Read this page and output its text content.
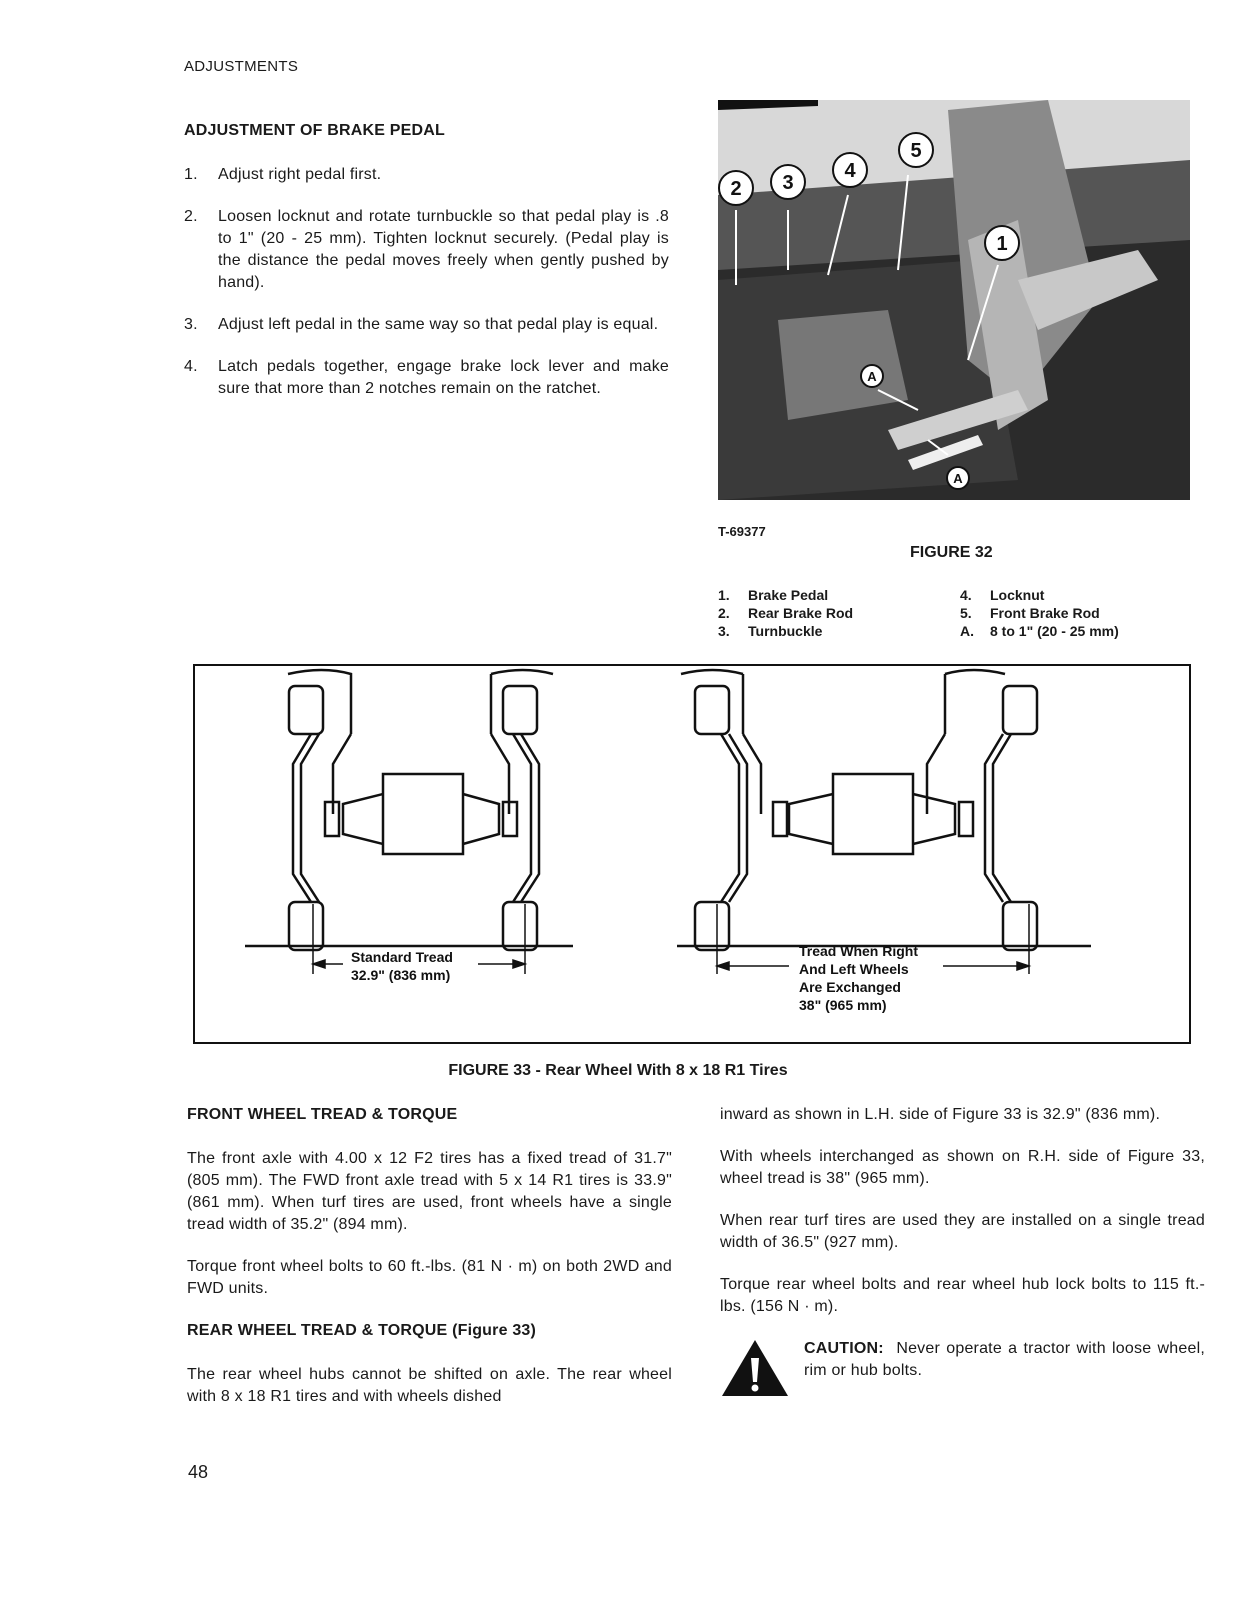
ADJUSTMENTS
ADJUSTMENT OF BRAKE PEDAL
1.	Adjust right pedal first.
2.	Loosen locknut and rotate turnbuckle so that pedal play is .8 to 1" (20 - 25 mm). Tighten locknut securely. (Pedal play is the distance the pedal moves freely when gently pushed by hand).
3.	Adjust left pedal in the same way so that pedal play is equal.
4.	Latch pedals together, engage brake lock lever and make sure that more than 2 notches remain on the ratchet.
2 3
4
5
1
A
A
T-69377
FIGURE 32
1.	Brake Pedal
2.	Rear Brake Rod
3.	Turnbuckle
4.	Locknut
5.	Front Brake Rod
A.	8 to 1" (20 - 25 mm)
Standard Tread
32.9" (836 mm)
Tread When Right
And Left Wheels
Are Exchanged
38" (965 mm)
FIGURE 33 - Rear Wheel With 8 x 18 R1 Tires
FRONT WHEEL TREAD & TORQUE

The front axle with 4.00 x 12 F2 tires has a fixed tread of 31.7" (805 mm). The FWD front axle tread with 5 x 14 R1 tires is 33.9" (861 mm). When turf tires are used, front wheels have a single tread width of 35.2" (894 mm).

Torque front wheel bolts to 60 ft.-lbs. (81 N · m) on both 2WD and FWD units.

REAR WHEEL TREAD & TORQUE (Figure 33)

The rear wheel hubs cannot be shifted on axle. The rear wheel with 8 x 18 R1 tires and with wheels dished

inward as shown in L.H. side of Figure 33 is 32.9" (836 mm).

With wheels interchanged as shown on R.H. side of Figure 33, wheel tread is 38" (965 mm).

When rear turf tires are used they are installed on a single tread width of 36.5" (927 mm).

Torque rear wheel bolts and rear wheel hub lock bolts to 115 ft.-lbs. (156 N · m).

CAUTION: Never operate a tractor with loose wheel, rim or hub bolts.

48
